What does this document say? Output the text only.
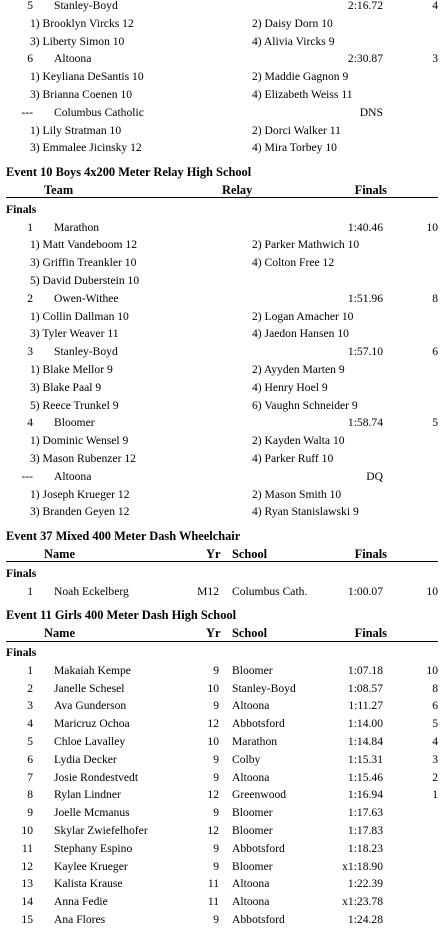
5 Stanley-Boyd	2:16.72	4
1) Brooklyn Vircks 12	2) Daisy Dorn 10
3) Liberty Simon 10	4) Alivia Vircks 9
6 Altoona	2:30.87	3
1) Keyliana DeSantis 10	2) Maddie Gagnon 9
3) Brianna Coenen 10	4) Elizabeth Weiss 11
--- Columbus Catholic	DNS
1) Lily Stratman 10	2) Dorci Walker 11
3) Emmalee Jicinsky 12	4) Mira Torbey 10
Event 10 Boys 4x200 Meter Relay High School
Team	Relay	Finals
Finals
1 Marathon	1:40.46	10
1) Matt Vandeboom 12	2) Parker Mathwich 10
3) Griffin Treankler 10	4) Colton Free 12
5) David Duberstein 10
2 Owen-Withee	1:51.96	8
1) Collin Dallman 10	2) Logan Amacher 10
3) Tyler Weaver 11	4) Jaedon Hansen 10
3 Stanley-Boyd	1:57.10	6
1) Blake Mellor 9	2) Ayyden Marten 9
3) Blake Paal 9	4) Henry Hoel 9
5) Reece Trunkel 9	6) Vaughn Schneider 9
4 Bloomer	1:58.74	5
1) Dominic Wensel 9	2) Kayden Walta 10
3) Mason Rubenzer 12	4) Parker Ruff 10
--- Altoona	DQ
1) Joseph Krueger 12	2) Mason Smith 10
3) Branden Geyen 12	4) Ryan Stanislawski 9
Event 37 Mixed 400 Meter Dash Wheelchair
Name	Yr School	Finals
Finals
1 Noah Eckelberg	M12 Columbus Cath.	1:00.07	10
Event 11 Girls 400 Meter Dash High School
Name	Yr School	Finals
Finals
1 Makaiah Kempe	9 Bloomer	1:07.18	10
2 Janelle Schesel	10 Stanley-Boyd	1:08.57	8
3 Ava Gunderson	9 Altoona	1:11.27	6
4 Maricruz Ochoa	12 Abbotsford	1:14.00	5
5 Chloe Lavalley	10 Marathon	1:14.84	4
6 Lydia Decker	9 Colby	1:15.31	3
7 Josie Rondestvedt	9 Altoona	1:15.46	2
8 Rylan Lindner	12 Greenwood	1:16.94	1
9 Joelle Mcmanus	9 Bloomer	1:17.63
10 Skylar Zwiefelhofer	12 Bloomer	1:17.83
11 Stephany Espino	9 Abbotsford	1:18.23
12 Kaylee Krueger	9 Bloomer	x1:18.90
13 Kalista Krause	11 Altoona	1:22.39
14 Anna Fedie	11 Altoona	x1:23.78
15 Ana Flores	9 Abbotsford	1:24.28
